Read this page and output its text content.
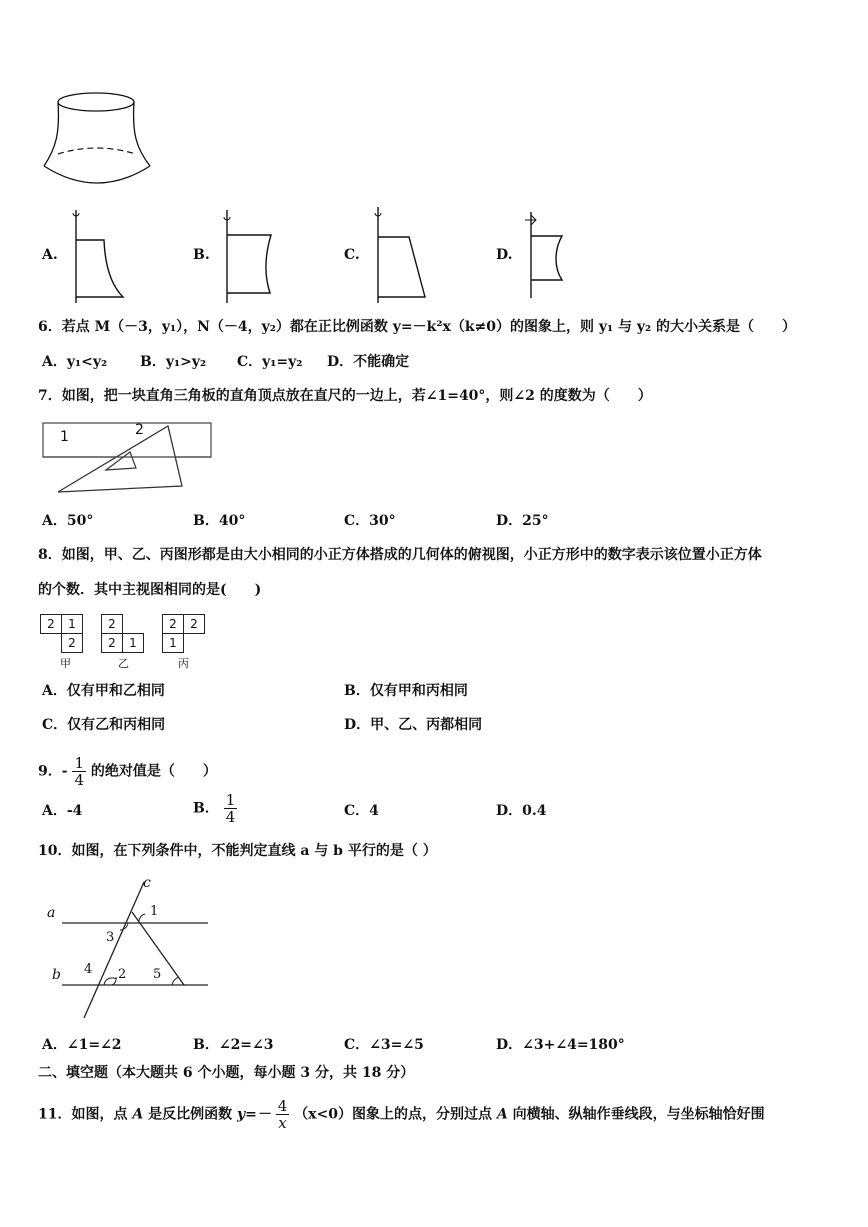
A.	B.	C.	D.
6．若点 M（－3，y₁），N（－4，y₂）都在正比例函数 y=－k²x（k≠0）的图象上，则 y₁ 与 y₂ 的大小关系是（　　）
A．y₁<y₂ B．y₁>y₂ C．y₁=y₂ D．不能确定
7．如图，把一块直角三角板的直角顶点放在直尺的一边上，若∠1=40°，则∠2 的度数为（　　）
2
1
A．50°	B．40°	C．30°	D．25°
8．如图，甲、乙、丙图形都是由大小相同的小正方体搭成的几何体的俯视图，小正方形中的数字表示该位置小正方体
的个数．其中主视图相同的是(　　)
2	1
2
甲
2
2	1
乙
2	2
1
丙
A．仅有甲和乙相同	B．仅有甲和丙相同
C．仅有乙和丙相同	D．甲、乙、丙都相同
9．- $\frac{1}{4}$ 的绝对值是（　　）
A．-4	B． $\frac{1}{4}$	C．4	D．0.4
10．如图，在下列条件中，不能判定直线 a 与 b 平行的是（ ）
c
a
b
1
3
4 2 5
A．∠1=∠2	B．∠2=∠3	C．∠3=∠5	D．∠3+∠4=180°
二、填空题（本大题共 6 个小题，每小题 3 分，共 18 分）
11．如图，点 A 是反比例函数 $y=- \frac{4}{x} (x<0)$图象上的点，分别过点 A 向横轴、纵轴作垂线段，与坐标轴恰好围
